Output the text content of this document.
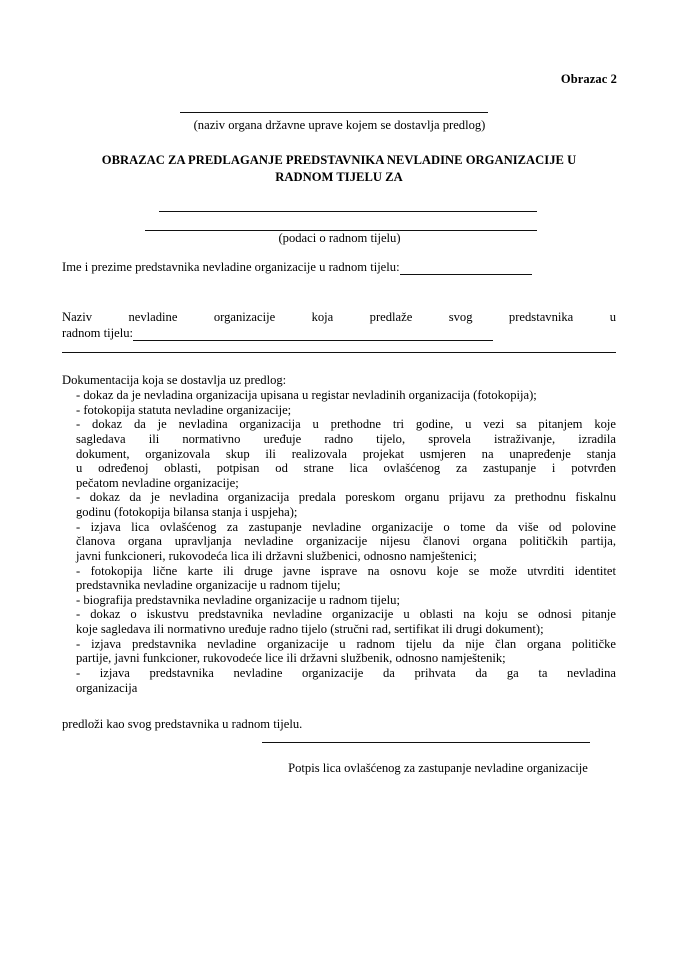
Obrazac 2
(naziv organa državne uprave kojem se dostavlja predlog)
OBRAZAC ZA PREDLAGANJE PREDSTAVNIKA NEVLADINE ORGANIZACIJE U
RADNOM TIJELU ZA
(podaci o radnom tijelu)
Ime i prezime predstavnika nevladine organizacije u radnom tijelu:
Naziv nevladine organizacije koja predlaže svog predstavnika u
radnom tijelu:
Dokumentacija koja se dostavlja uz predlog:
- dokaz da je nevladina organizacija upisana u registar nevladinih organizacija (fotokopija);
- fotokopija statuta nevladine organizacije;
- dokaz da je nevladina organizacija u prethodne tri godine, u vezi sa pitanjem koje
sagledava ili normativno uređuje radno tijelo, sprovela istraživanje, izradila
dokument, organizovala skup ili realizovala projekat usmjeren na unapređenje stanja
u određenoj oblasti, potpisan od strane lica ovlašćenog za zastupanje i potvrđen
pečatom nevladine organizacije;
- dokaz da je nevladina organizacija predala poreskom organu prijavu za prethodnu fiskalnu
godinu (fotokopija bilansa stanja i uspjeha);
- izjava lica ovlašćenog za zastupanje nevladine organizacije o tome da više od polovine
članova organa upravljanja nevladine organizacije nijesu članovi organa političkih partija,
javni funkcioneri, rukovodeća lica ili državni službenici, odnosno namještenici;
- fotokopija lične karte ili druge javne isprave na osnovu koje se može utvrditi identitet
predstavnika nevladine organizacije u radnom tijelu;
- biografija predstavnika nevladine organizacije u radnom tijelu;
- dokaz o iskustvu predstavnika nevladine organizacije u oblasti na koju se odnosi pitanje
koje sagledava ili normativno uređuje radno tijelo (stručni rad, sertifikat ili drugi dokument);
- izjava predstavnika nevladine organizacije u radnom tijelu da nije član organa političke
partije, javni funkcioner, rukovodeće lice ili državni službenik, odnosno namještenik;
- izjava predstavnika nevladine organizacije da prihvata da ga ta nevladina
organizacija
predloži kao svog predstavnika u radnom tijelu.
Potpis lica ovlašćenog za zastupanje nevladine organizacije
